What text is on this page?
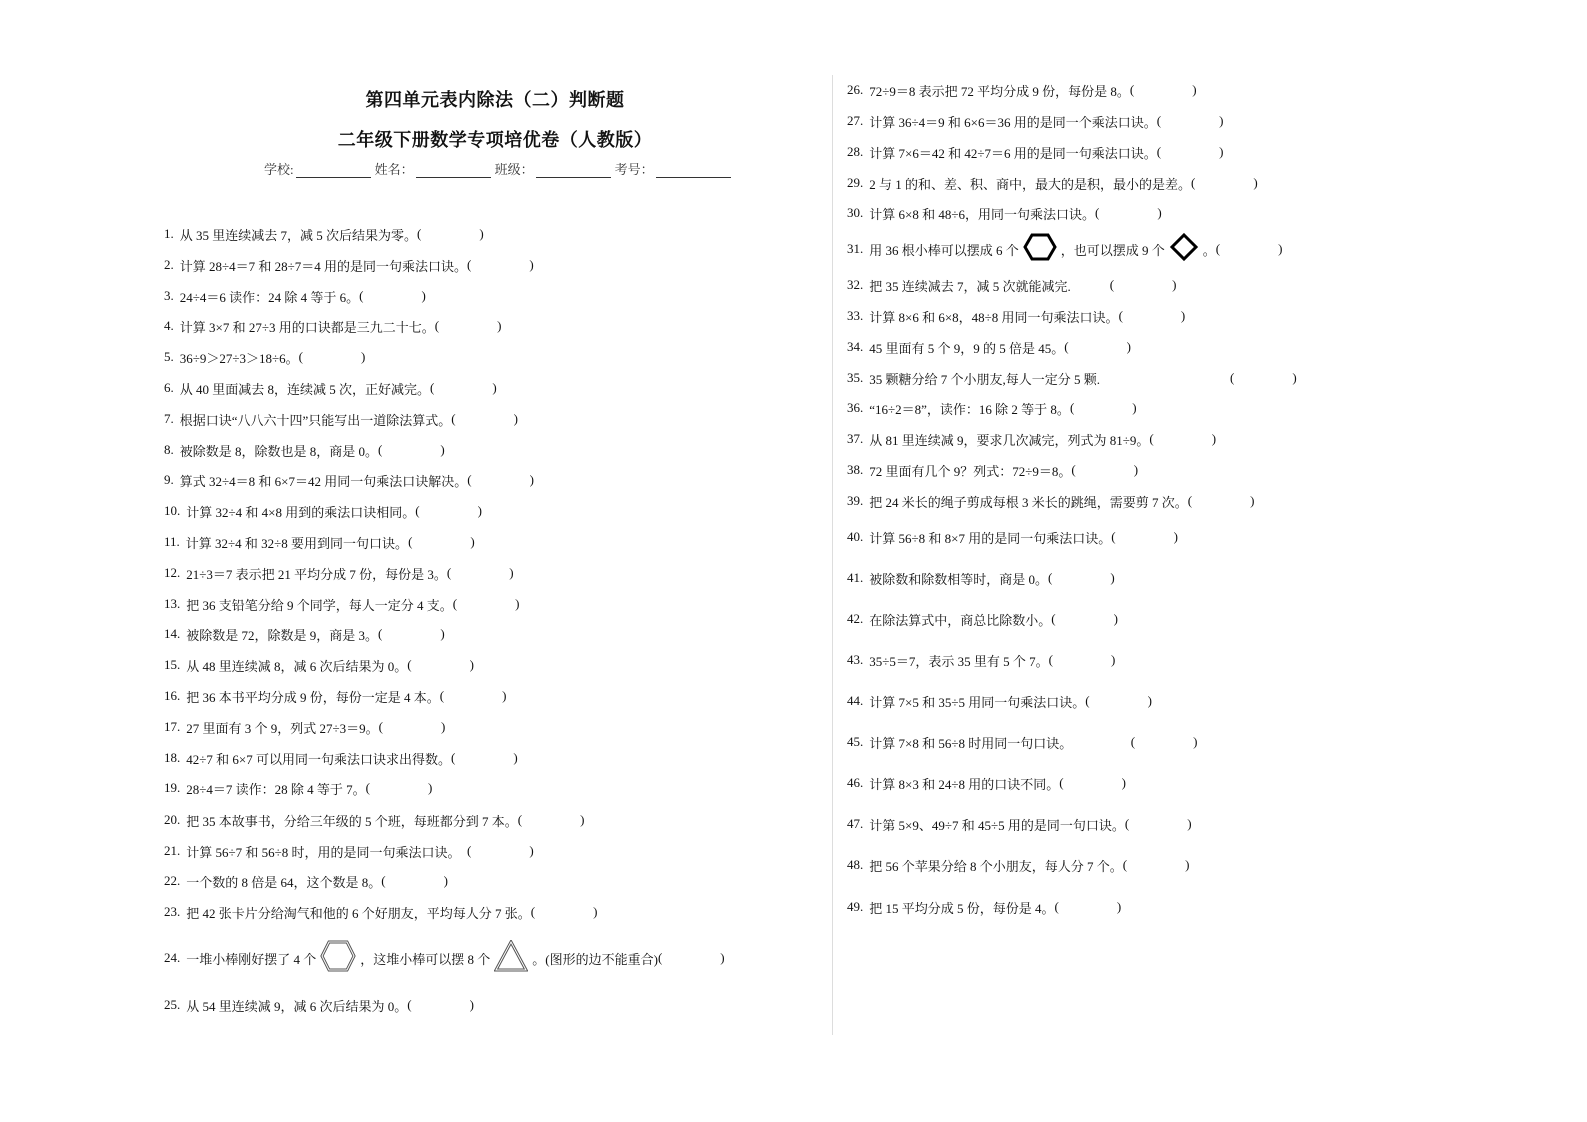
第四单元表内除法（二）判断题
二年级下册数学专项培优卷（人教版）
学校:	姓名：	班级：	考号：
1. 从 35 里连续减去 7，减 5 次后结果为零。 (	)
2. 计算 28÷4＝7 和 28÷7＝4 用的是同一句乘法口诀。 (	)
3. 24÷4＝6 读作：24 除 4 等于 6。 (	)
4. 计算 3×7 和 27÷3 用的口诀都是三九二十七。 (	)
5. 36÷9＞27÷3＞18÷6。 (	)
6. 从 40 里面减去 8，连续减 5 次，正好减完。 (	)
7. 根据口诀“八八六十四”只能写出一道除法算式。 (	)
8. 被除数是 8，除数也是 8，商是 0。 (	)
9. 算式 32÷4＝8 和 6×7＝42 用同一句乘法口诀解决。 (	)
10. 计算 32÷4 和 4×8 用到的乘法口诀相同。 (	)
11. 计算 32÷4 和 32÷8 要用到同一句口诀。 (	)
12. 21÷3＝7 表示把 21 平均分成 7 份，每份是 3。 (	)
13. 把 36 支铅笔分给 9 个同学，每人一定分 4 支。 (	)
14. 被除数是 72，除数是 9，商是 3。 (	)
15. 从 48 里连续减 8，减 6 次后结果为 0。 (	)
16. 把 36 本书平均分成 9 份，每份一定是 4 本。 (	)
17. 27 里面有 3 个 9，列式 27÷3＝9。 (	)
18. 42÷7 和 6×7 可以用同一句乘法口诀求出得数。 (	)
19. 28÷4＝7 读作：28 除 4 等于 7。 (	)
20. 把 35 本故事书，分给三年级的 5 个班，每班都分到 7 本。 (	)
21. 计算 56÷7 和 56÷8 时，用的是同一句乘法口诀。　 (	)
22. 一个数的 8 倍是 64，这个数是 8。 (	)
23. 把 42 张卡片分给淘气和他的 6 个好朋友，平均每人分 7 张。 (	)
24. 一堆小棒刚好摆了 4 个	，这堆小棒可以摆 8 个	。(图形的边不能重合) (	)
25. 从 54 里连续减 9，减 6 次后结果为 0。 (	)
26. 72÷9＝8 表示把 72 平均分成 9 份，每份是 8。 (	)
27. 计算 36÷4＝9 和 6×6＝36 用的是同一个乘法口诀。 (	)
28. 计算 7×6＝42 和 42÷7＝6 用的是同一句乘法口诀。 (	)
29. 2 与 1 的和、差、积、商中，最大的是积，最小的是差。 (	)
30. 计算 6×8 和 48÷6，用同一句乘法口诀。 (	)
31. 用 36 根小棒可以摆成 6 个	，也可以摆成 9 个	。 (	)
32. 把 35 连续减去 7，减 5 次就能减完.　　　 (	)
33. 计算 8×6 和 6×8，48÷8 用同一句乘法口诀。 (	)
34. 45 里面有 5 个 9，9 的 5 倍是 45。 (	)
35. 35 颗糖分给 7 个小朋友,每人一定分 5 颗.　　　　　　　　　　 (	)
36. “16÷2＝8”，读作：16 除 2 等于 8。 (	)
37. 从 81 里连续减 9，要求几次减完，列式为 81÷9。 (	)
38. 72 里面有几个 9？列式：72÷9＝8。 (	)
39. 把 24 米长的绳子剪成每根 3 米长的跳绳，需要剪 7 次。 (	)
40. 计算 56÷8 和 8×7 用的是同一句乘法口诀。 (	)
41. 被除数和除数相等时，商是 0。 (	)
42. 在除法算式中，商总比除数小。 (	)
43. 35÷5＝7，表示 35 里有 5 个 7。 (	)
44. 计算 7×5 和 35÷5 用同一句乘法口诀。 (	)
45. 计算 7×8 和 56÷8 时用同一句口诀。　　　　　 (	)
46. 计算 8×3 和 24÷8 用的口诀不同。 (	)
47. 计第 5×9、49÷7 和 45÷5 用的是同一句口诀。 (	)
48. 把 56 个苹果分给 8 个小朋友，每人分 7 个。 (	)
49. 把 15 平均分成 5 份，每份是 4。 (	)
